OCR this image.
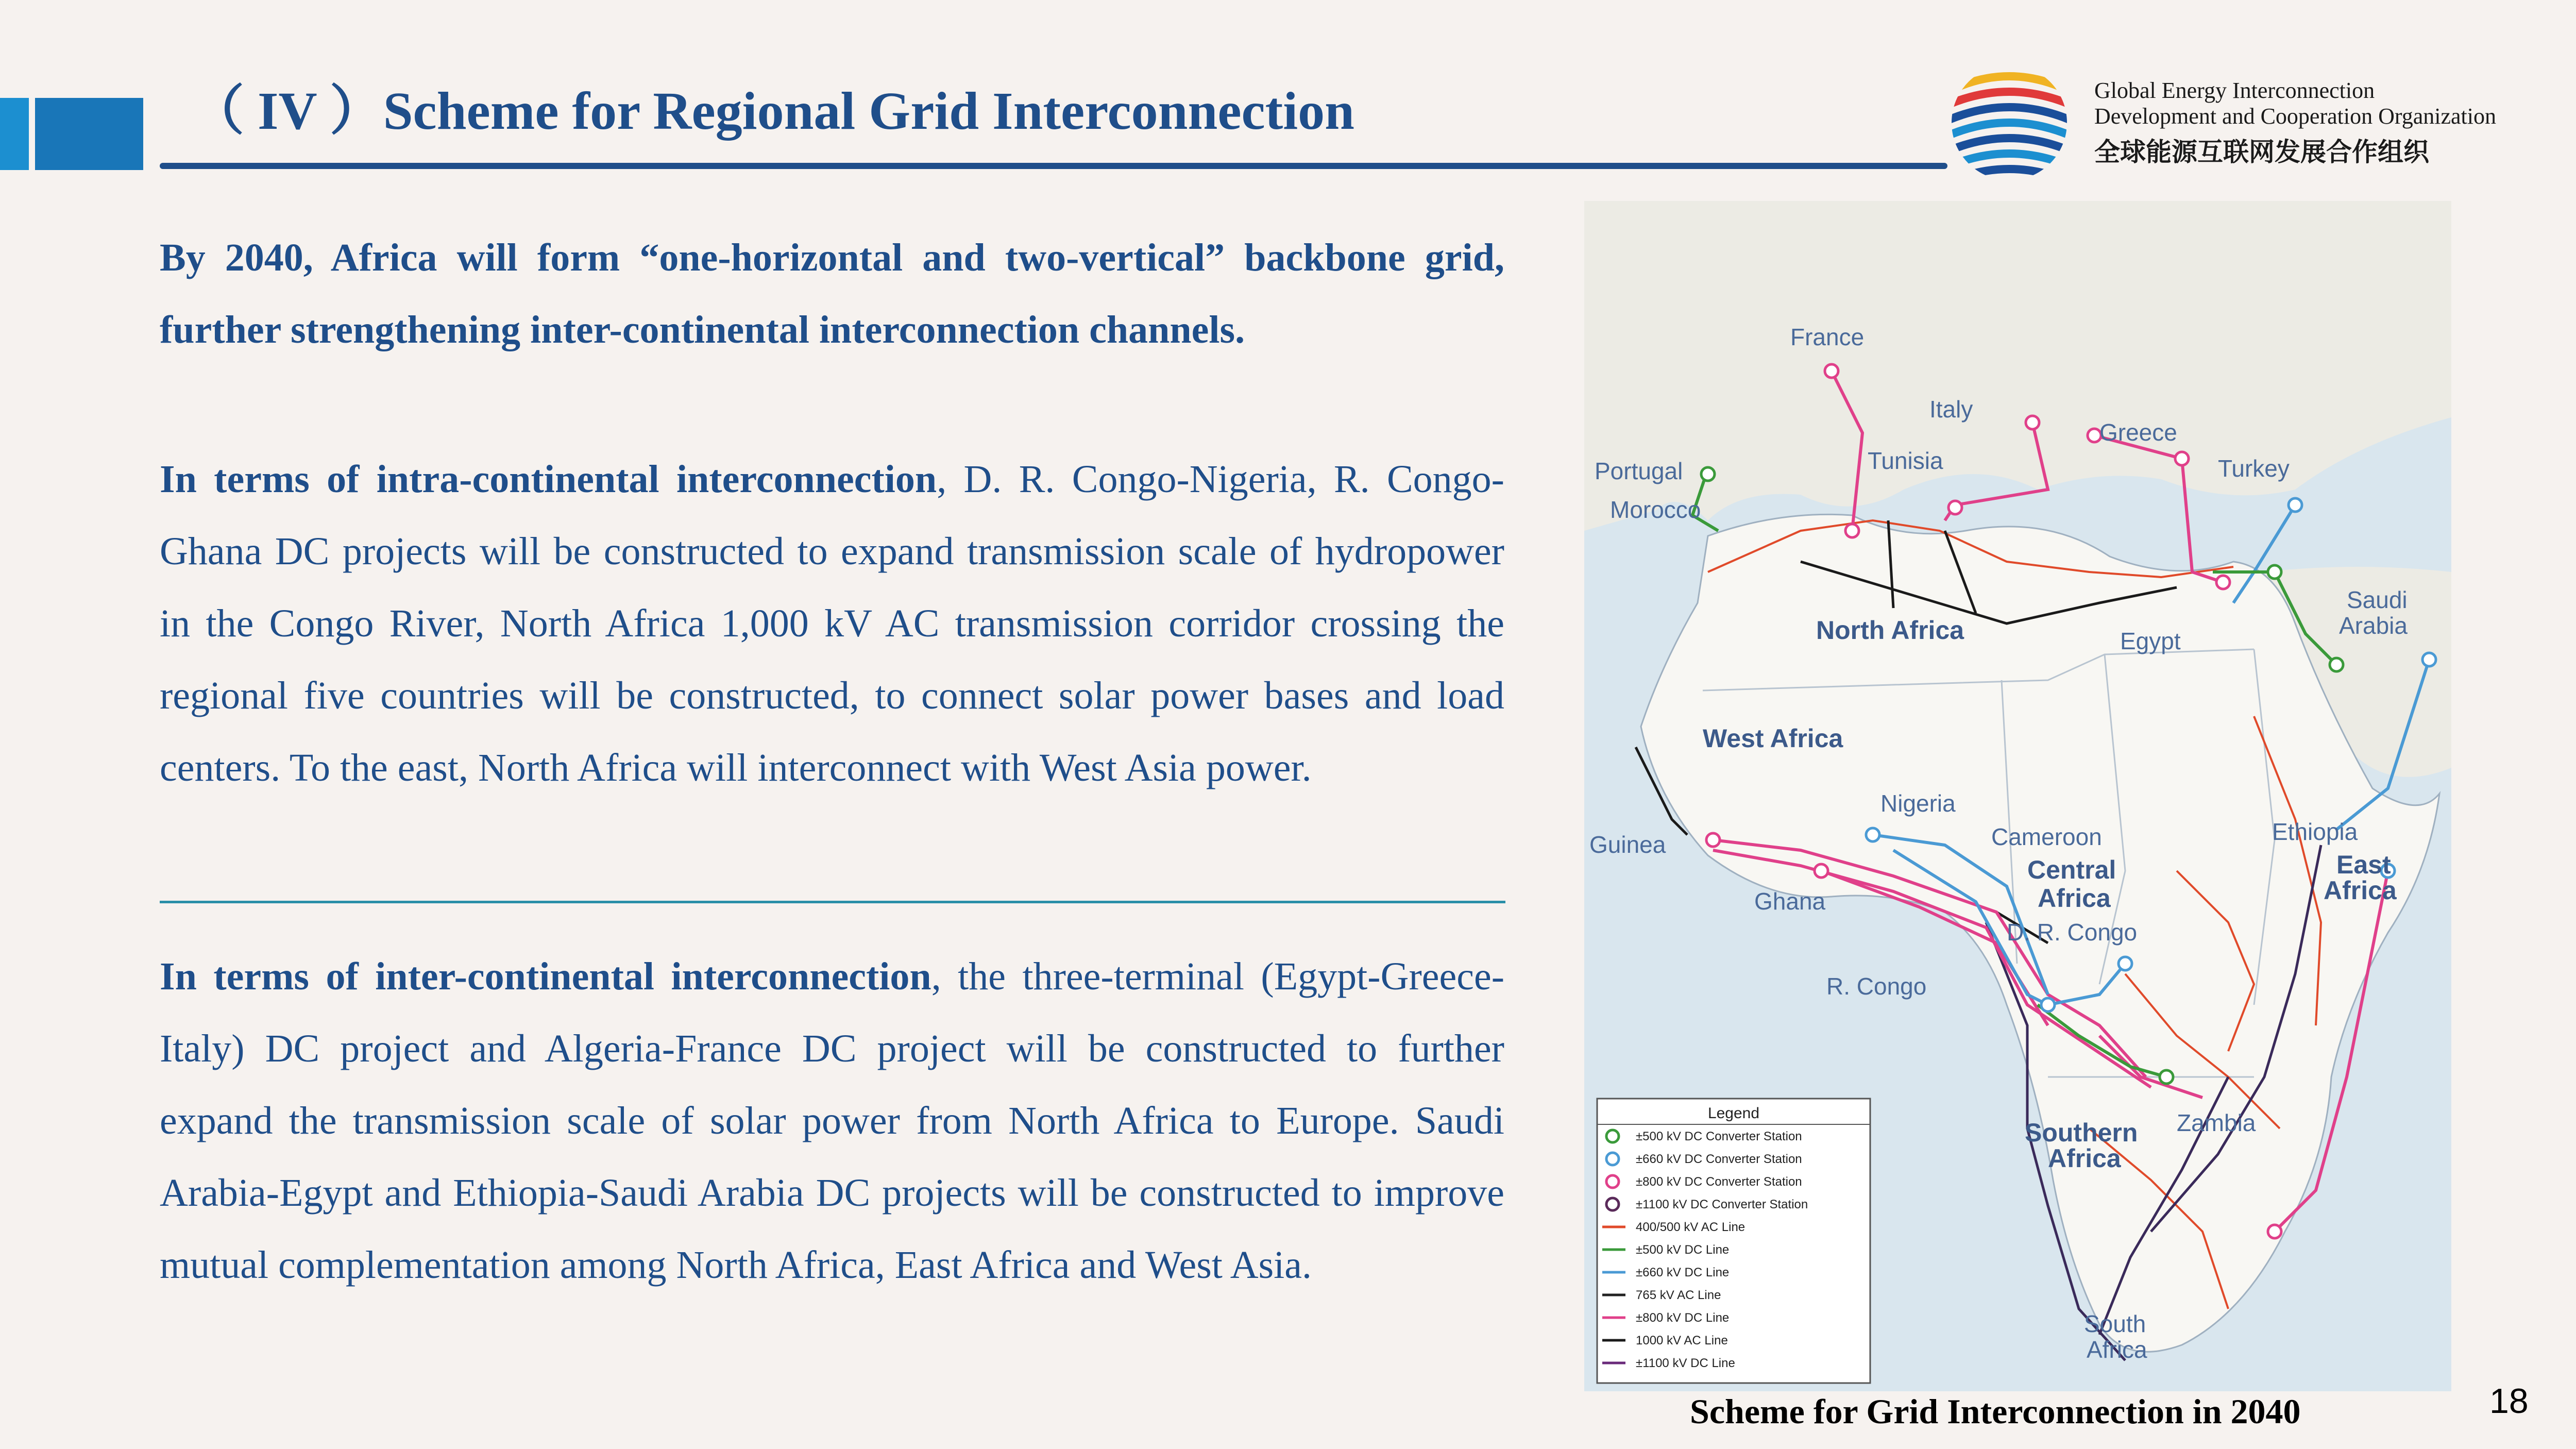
（ IV ）Scheme for Regional Grid Interconnection	Global Energy Interconnection
Development and Cooperation Organization
全球能源互联网发展合作组织
By 2040, Africa will form “one-horizontal and two-vertical” backbone grid, further strengthening inter-continental interconnection channels.
In terms of intra-continental interconnection, D. R. Congo-Nigeria, R. Congo-Ghana DC projects will be constructed to expand transmission scale of hydropower in the Congo River, North Africa 1,000 kV AC transmission corridor crossing the regional five countries will be constructed, to connect solar power bases and load centers. To the east, North Africa will interconnect with West Asia power.
In terms of inter-continental interconnection, the three-terminal (Egypt-Greece-Italy) DC project and Algeria-France DC project will be constructed to further expand the transmission scale of solar power from North Africa to Europe. Saudi Arabia-Egypt and Ethiopia-Saudi Arabia DC projects will be constructed to improve mutual complementation among North Africa, East Africa and West Asia.
France
Italy
Greece
Portugal	Tunisia	Turkey
Morocco
Saudi
Arabia
Egypt
Nigeria
Cameroon	Ethiopia
Guinea
Ghana
D. R. Congo
R. Congo
Zambia
South
Africa
North Africa
West Africa
Central
Africa
East
Africa
Southern
Africa
Legend
±500 kV DC Converter Station
±660 kV DC Converter Station
±800 kV DC Converter Station
±1100 kV DC Converter Station
400/500 kV AC Line
±500 kV DC Line
±660 kV DC Line
765 kV AC Line
±800 kV DC Line
1000 kV AC Line
±1100 kV DC Line
Scheme for Grid Interconnection in 2040	18
